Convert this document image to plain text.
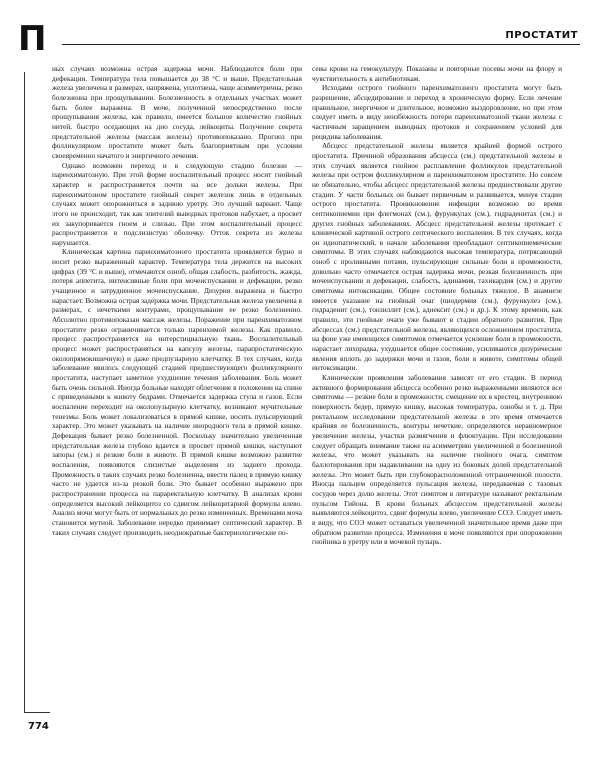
П	ПРОСТАТИТ

ных случаях возможна острая задержка мочи. Наблюдаются боли при дефекации. Температура тела повышается до 38 °С и выше. Предстательная железа увеличена в размерах, напряжена, уплотнена, чаще асимметрична, резко болезненна при прощупывании. Болезненность в отдельных участках может быть более выражена. В моче, полученной непосредственно после прощупывания железы, как правило, имеется большое количество гнойных нитей, быстро оседающих на дно сосуда, лейкоциты. Получение секрета предстательной железы (массаж железы) противопоказано. Прогноз при фолликулярном простатите может быть благоприятным при условии своевременно начатого и энергичного лечения.

Однако возможен переход и в следующую стадию болезни — паренхиматозную. При этой форме воспалительный процесс носит гнойный характер и распространяется почти на все дольки железы. При паренхиматозном простатите гнойный секрет железок лишь в отдельных случаях может опорожниться в заднюю уретру. Это лучший вариант. Чаще этого не происходит, так как эпителий выводных протоков набухает, а просвет их закупоривается гноем и слизью. При этом воспалительный процесс распространяется в подслизистую оболочку. Отток секрета из железы нарушается.

Клиническая картина паренхиматозного простатита проявляется бурно и носит резко выраженный характер. Температура тела держится на высоких цифрах (39 °С и выше), отмечаются озноб, общая слабость, разбитость, жажда, потеря аппетита, интенсивные боли при мочеиспускании и дефекации, резко учащенное и затрудненное мочеиспускание. Дизурия выражена и быстро нарастает. Возможна острая задержка мочи. Предстательная железа увеличена в размерах, с нечеткими контурами, прощупывание ее резко болезненно. Абсолютно противопоказан массаж железы. Поражение при паренхиматозном простатите резко ограничивается только паренхимой железы. Как правило, процесс распространяется на интерстициальную ткань. Воспалительный процесс может распространяться на капсулу железы, парапростатическую околопрямокишечную) и даже предпузырную клетчатку. В тех случаях, когда заболевание явилось следующей стадией предшествующего фолликулярного простатита, наступает заметное ухудшение течения заболевания. Боль может быть очень сильной. Иногда больные находят облегчение в положении на спине с приведенными к животу бедрами. Отмечается задержка стула и газов. Если воспаление переходит на околопузырную клетчатку, возникают мучительные тенезмы. Боль может локализоваться в прямой кишке, носить пульсирующий характер. Это может указывать на наличие инородного тела в прямой кишке. Дефекация бывает резко болезненной. Поскольку значительно увеличенная предстательная железа глубоко вдается в просвет прямой кишки, наступают запоры (см.) и резкие боли в животе. В прямой кишке возможно развитие воспаления, появляются слизистые выделения из заднего прохода. Промежность в таких случаях резко болезненна, ввести палец в прямую кишку часто не удается из-за резкой боли. Это бывает особенно выражено при распространении процесса на параректальную клетчатку. В анализах крови определяется высокий лейкоцитоз со сдвигом лейкоцитарной формулы влево. Анализ мочи могут быть от нормальных до резко измененных. Временами моча становится мутной. Заболевание нередко принимает септический характер. В таких случаях следует производить неоднократные бактериологические по-

севы крови на гемокультуру. Показаны и повторные посевы мочи на флору и чувствительность к антибиотикам.

Исходами острого гнойного паренхиматозного простатита могут быть разрешение, абсцедирование и переход в хроническую форму. Если лечение правильное, энергичное и длительное, возможно выздоровление, но при этом следует иметь в виду неизбежность потери паренхиматозной ткани железы с частичным заращением выводных протоков и сохранением условий для рецидива заболевания.

Абсцесс предстательной железы является крайней формой острого простатита. Причиной образования абсцесса (см.) предстательной железы в этих случаях является гнойное расплавление фолликулов предстательной железы при остром фолликулярном и паренхиматозном простатите. Но совсем не обязательно, чтобы абсцесс предстательной железы предшествовали другие стадии. У части больных он бывает первичным и развивается, минуя стадии острого простатита. Проникновение инфекции возможно во время септикопиемии при флегмонах (см.), фурункулах (см.), гидраденитах (см.) и других гнойных заболеваниях. Абсцесс предстательной железы протекает с клинической картиной острого септического воспаления. В тех случаях, когда он идиопатический, в начале заболевания преобладают септикопиемические симптомы. В этих случаях наблюдаются высокая температура, потрясающий озноб с проливными потами, пульсирующие сильные боли в промежности, довольно часто отмечается острая задержка мочи, резкая болезненность при мочеиспускании и дефекации, слабость, адинамия, тахикардия (см.) и другие симптомы интоксикации. Общее состояние больных тяжелое. В анамнезе имеется указание на гнойный очаг (пиодермия (см.), фурункулез (см.), гидраденит (см.), тонзиллит (см.), аднексит (см.) и др.). К этому времени, как правило, эти гнойные очаги уже бывают в стадии обратного развития. При абсцессах (см.) предстательной железы, являющихся осложнением простатита, на фоне уже имеющихся симптомов отмечается усиление боли в промежности, нарастает лихорадка, ухудшается общее состояние, усиливаются дизурические явления вплоть до задержки мочи и газов, боли в животе, симптомы общей интоксикации.

Клинические проявления заболевания зависят от его стадии. В период активного формирования абсцесса особенно резко выраженными являются все симптомы — резкие боли в промежности, смещение их в крестец, внутреннюю поверхность бедер, прямую кишку, высокая температура, ознобы и т. д. При ректальном исследовании предстательной железы в это время отмечается крайняя ее болезненность, контуры нечеткие, определяются неравномерное увеличение железы, участки размягчения и флюктуации. При исследовании следует обращать внимание также на асимметрию увеличенной и болезненной железы, что может указывать на наличие гнойного очага, симптом баллотирования при надавливании на одну из боковых долей предстательной железы. Это может быть при глубокорасположенной отграниченной полости. Иногда пальцем определяется пульсация железы, передаваемая с тазовых сосудов через долю железы. Этот симптом в литературе называют ректальным пульсом Гийона. В крови больных абсцессом предстательной железы выявляются лейкоцитоз, сдвиг формулы влево, увеличение СОЭ. Следует иметь в виду, что СОЭ может оставаться увеличенной значительное время даже при обратном развитии процесса. Изменения в моче появляются при опорожнении гнойника в уретру или в мочевой пузырь.

774
